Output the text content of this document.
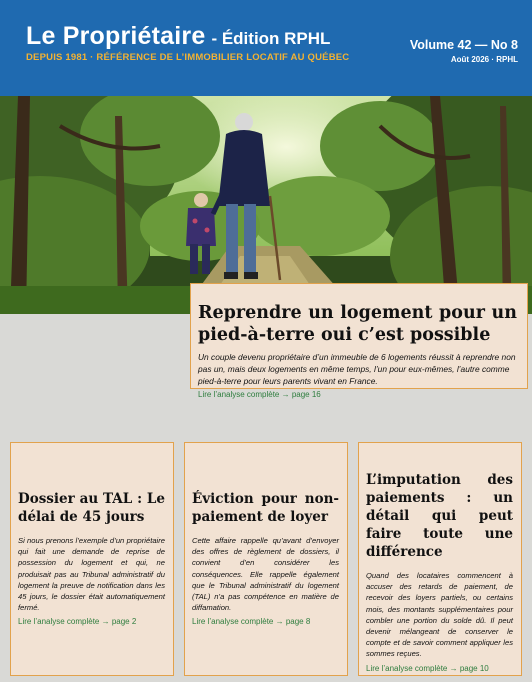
Le Propriétaire - Édition RPHL
DEPUIS 1981 · RÉFÉRENCE DE L’IMMOBILIER LOCATIF AU QUÉBEC
Volume 42 — No 8
Août 2026 · RPHL
Reprendre un logement pour un pied-à-terre oui c’est possible

Un couple devenu propriétaire d’un immeuble de 6 logements réussit à reprendre non pas un, mais deux logements en même temps, l’un pour eux-mêmes, l’autre comme pied-à-terre pour leurs parents vivant en France.

Lire l’analyse complète → page 16
Dossier au TAL : Le délai de 45 jours

Si nous prenons l’exemple d’un propriétaire qui fait une demande de reprise de possession du logement et qui, ne produisait pas au Tribunal administratif du logement la preuve de notification dans les 45 jours, le dossier était automatiquement fermé.

Lire l’analyse complète → page 2
Éviction pour non-paiement de loyer

Cette affaire rappelle qu’avant d’envoyer des offres de règlement de dossiers, il convient d’en considérer les conséquences. Elle rappelle également que le Tribunal administratif du logement (TAL) n’a pas compétence en matière de diffamation.

Lire l’analyse complète → page 8
L’imputation des paiements : un détail qui peut faire toute une différence

Quand des locataires commencent à accuser des retards de paiement, de recevoir des loyers partiels, ou certains mois, des montants supplémentaires pour combler une portion du solde dû. Il peut devenir mélangeant de conserver le compte et de savoir comment appliquer les sommes reçues.

Lire l’analyse complète → page 10
